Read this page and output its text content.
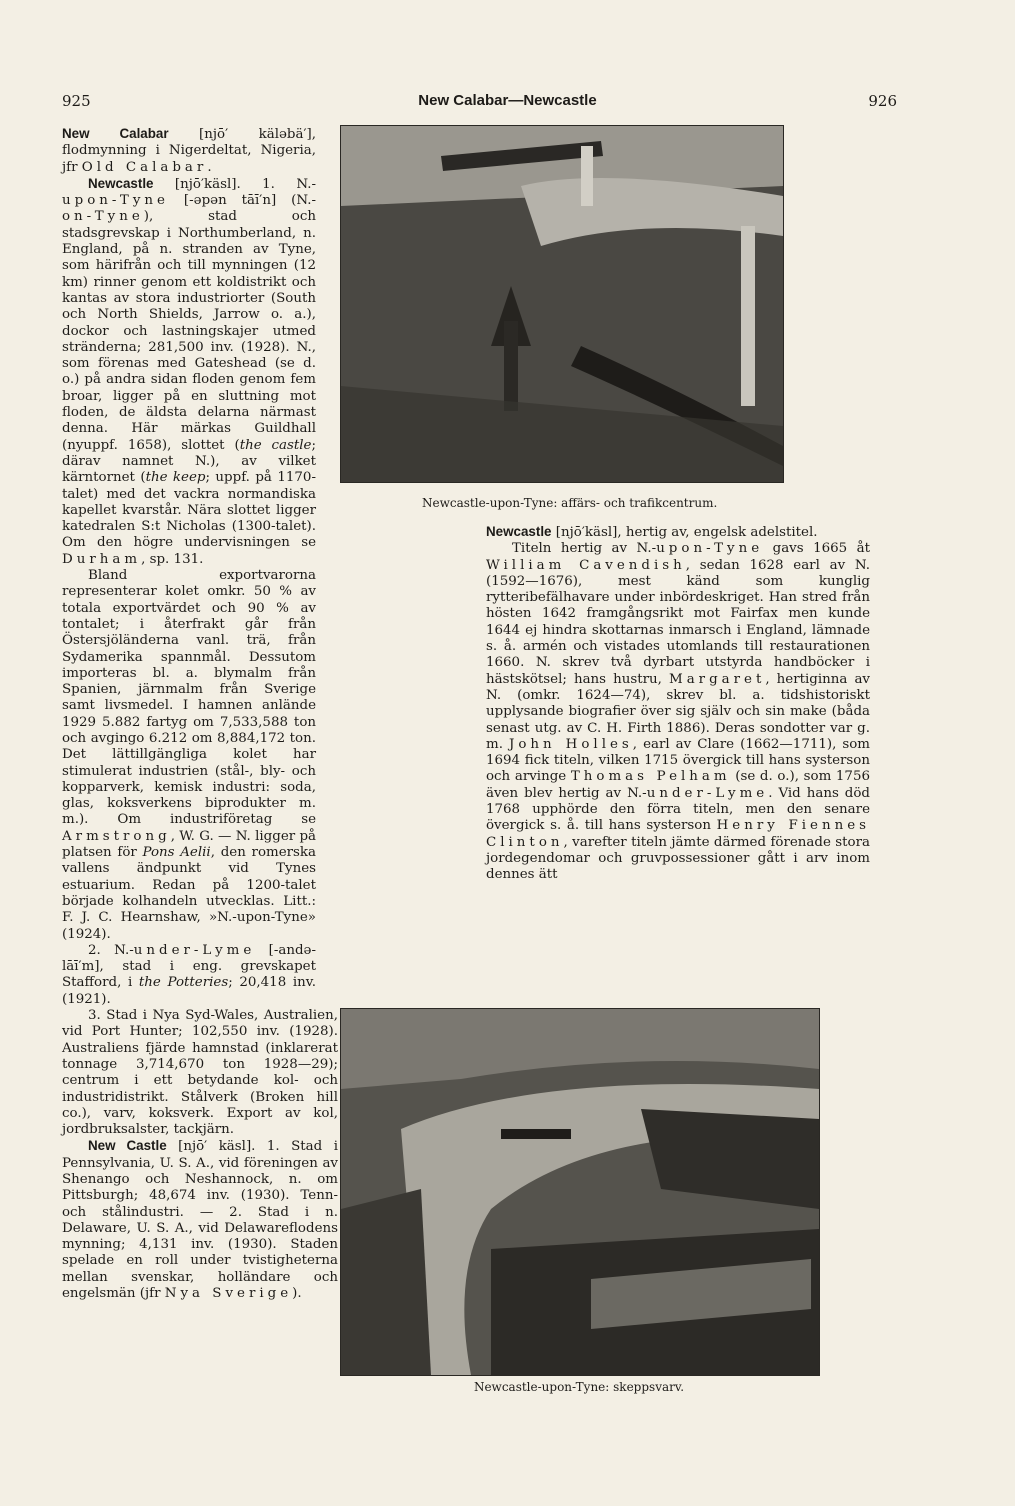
925	New Calabar—Newcastle	926
Newcastle-upon-Tyne: affärs- och trafikcentrum.
Newcastle-upon-Tyne: skeppsvarv.

Newcastle [njō′käsl], hertig av, engelsk adelstitel.

Titeln hertig av N.-upon-Tyne gavs 1665 åt William Cavendish, sedan 1628 earl av N. (1592—1676), mest känd som kunglig rytteribefälhavare under inbördeskriget. Han stred från hösten 1642 framgångsrikt mot Fairfax men kunde 1644 ej hindra skottarnas inmarsch i England, lämnade s. å. armén och vistades utomlands till restaurationen 1660. N. skrev två dyrbart utstyrda handböcker i hästskötsel; hans hustru, Margaret, hertiginna av N. (omkr. 1624—74), skrev bl. a. tidshistoriskt upplysande biografier över sig själv och sin make (båda senast utg. av C. H. Firth 1886). Deras sondotter var g. m. John Holles, earl av Clare (1662—1711), som 1694 fick titeln, vilken 1715 övergick till hans systerson och arvinge Thomas Pelham (se d. o.), som 1756 även blev hertig av N.-under-Lyme. Vid hans död 1768 upphörde den förra titeln, men den senare övergick s. å. till hans systerson Henry Fiennes Clinton, varefter titeln jämte därmed förenade stora jordegendomar och gruvpossessioner gått i arv inom dennes ätt

New Calabar [njō′ käləbä′], flodmynning i Nigerdeltat, Nigeria, jfr Old Calabar.

Newcastle [njō′käsl]. 1. N.-upon-Tyne [-əpən tāī′n] (N.-on-Tyne), stad och stadsgrevskap i Northumberland, n. England, på n. stranden av Tyne, som härifrån och till mynningen (12 km) rinner genom ett koldistrikt och kantas av stora industriorter (South och North Shields, Jarrow o. a.), dockor och lastningskajer utmed stränderna; 281,500 inv. (1928). N., som förenas med Gateshead (se d. o.) på andra sidan floden genom fem broar, ligger på en sluttning mot floden, de äldsta delarna närmast denna. Här märkas Guildhall (nyuppf. 1658), slottet (the castle; därav namnet N.), av vilket kärntornet (the keep; uppf. på 1170-talet) med det vackra normandiska kapellet kvarstår. Nära slottet ligger katedralen S:t Nicholas (1300-talet). Om den högre undervisningen se Durham, sp. 131.

Bland exportvarorna representerar kolet omkr. 50 % av totala exportvärdet och 90 % av tontalet; i återfrakt går från Östersjöländerna vanl. trä, från Sydamerika spannmål. Dessutom importeras bl. a. blymalm från Spanien, järnmalm från Sverige samt livsmedel. I hamnen anlände 1929 5.882 fartyg om 7,533,588 ton och avgingo 6.212 om 8,884,172 ton. Det lättillgängliga kolet har stimulerat industrien (stål-, bly- och kopparverk, kemisk industri: soda, glas, koksverkens biprodukter m. m.). Om industriföretag se Armstrong, W. G. — N. ligger på platsen för Pons Aelii, den romerska vallens ändpunkt vid Tynes estuarium. Redan på 1200-talet började kolhandeln utvecklas. Litt.: F. J. C. Hearnshaw, »N.-upon-Tyne» (1924).

2. N.-under-Lyme [-andə-lāī′m], stad i eng. grevskapet Stafford, i the Potteries; 20,418 inv. (1921).

3. Stad i Nya Syd-Wales, Australien, vid Port Hunter; 102,550 inv. (1928). Australiens fjärde hamnstad (inklarerat tonnage 3,714,670 ton 1928—29); centrum i ett betydande kol- och industridistrikt. Stålverk (Broken hill co.), varv, koksverk. Export av kol, jordbruksalster, tackjärn.

New Castle [njō′ käsl]. 1. Stad i Pennsylvania, U. S. A., vid föreningen av Shenango och Neshannock, n. om Pittsburgh; 48,674 inv. (1930). Tenn- och stålindustri. — 2. Stad i n. Delaware, U. S. A., vid Delawareflodens mynning; 4,131 inv. (1930). Staden spelade en roll under tvistigheterna mellan svenskar, holländare och engelsmän (jfr Nya Sverige).
